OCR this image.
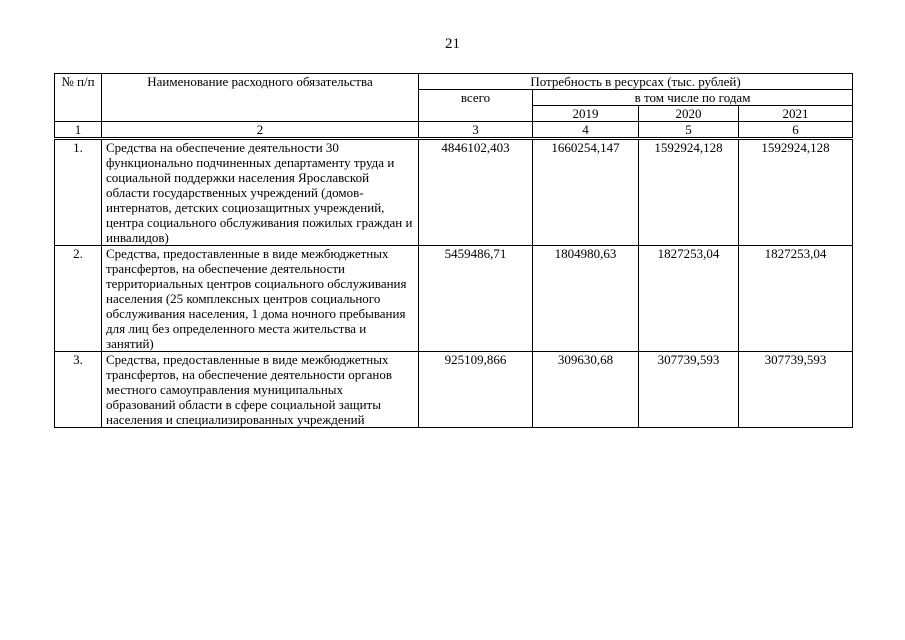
21
№ п/п	Наименование расходного обязательства	Потребность в ресурсах (тыс. рублей)			
		всего	в том числе по годам		
			2019	2020	2021
1	2	3	4	5	6
1.	Средства на обеспечение деятельности 30 функционально подчиненных департаменту труда и социальной поддержки населения Ярославской области государственных учреждений (домов-интернатов, детских социозащитных учреждений, центра социального обслуживания пожилых граждан и инвалидов)	4846102,403	1660254,147	1592924,128	1592924,128
2.	Средства, предоставленные в виде межбюджетных трансфертов, на обеспечение деятельности территориальных центров социального обслуживания населения (25 комплексных центров социального обслуживания населения, 1 дома ночного пребывания для лиц без определенного места жительства и занятий)	5459486,71	1804980,63	1827253,04	1827253,04
3.	Средства, предоставленные в виде межбюджетных трансфертов, на обеспечение деятельности органов местного самоуправления муниципальных образований области в сфере социальной защиты населения и специализированных учреждений	925109,866	309630,68	307739,593	307739,593
